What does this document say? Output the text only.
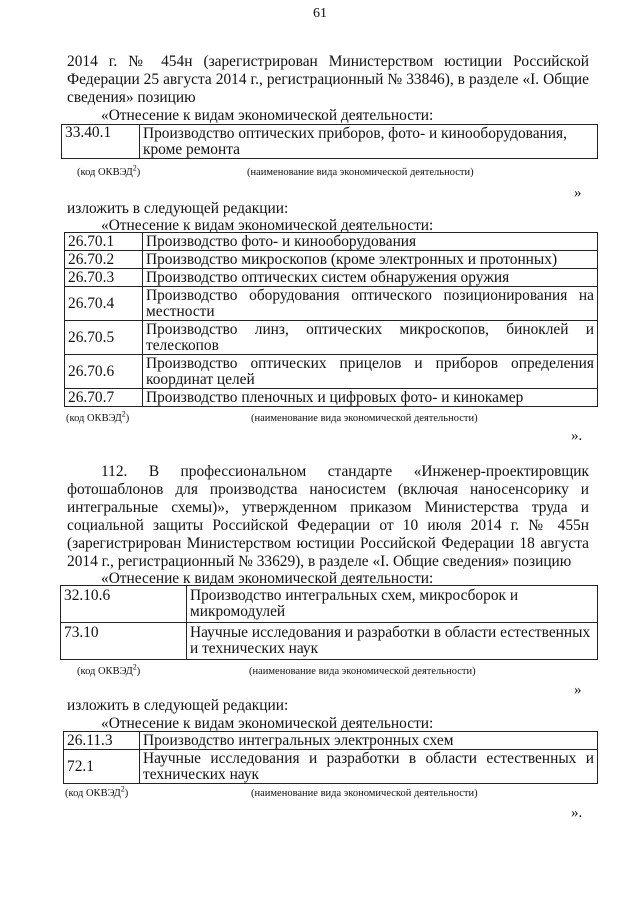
61
2014 г. № 454н (зарегистрирован Министерством юстиции Российской
Федерации 25 августа 2014 г., регистрационный № 33846), в разделе «I. Общие
сведения» позицию
«Отнесение к видам экономической деятельности:
33.40.1	Производство оптических приборов, фото- и кинооборудования, кроме ремонта
(код ОКВЭД$^2$)	(наименование вида экономической деятельности)
»
изложить в следующей редакции:
«Отнесение к видам экономической деятельности:
26.70.1	Производство фото- и кинооборудования
26.70.2	Производство микроскопов (кроме электронных и протонных)
26.70.3	Производство оптических систем обнаружения оружия
26.70.4	Производство оборудования оптического позиционирования на местности
26.70.5	Производство линз, оптических микроскопов, биноклей и телескопов
26.70.6	Производство оптических прицелов и приборов определения координат целей
26.70.7	Производство пленочных и цифровых фото- и кинокамер
(код ОКВЭД$^2$)	(наименование вида экономической деятельности)
».
112. В профессиональном стандарте «Инженер-проектировщик
фотошаблонов для производства наносистем (включая наносенсорику и
интегральные схемы)», утвержденном приказом Министерства труда и
социальной защиты Российской Федерации от 10 июля 2014 г. № 455н
(зарегистрирован Министерством юстиции Российской Федерации 18 августа
2014 г., регистрационный № 33629), в разделе «I. Общие сведения» позицию
«Отнесение к видам экономической деятельности:
32.10.6	Производство интегральных схем, микросборок и микромодулей
73.10	Научные исследования и разработки в области естественных и технических наук
(код ОКВЭД$^2$)	(наименование вида экономической деятельности)
»
изложить в следующей редакции:
«Отнесение к видам экономической деятельности:
26.11.3	Производство интегральных электронных схем
72.1	Научные исследования и разработки в области естественных и технических наук
(код ОКВЭД$^2$)	(наименование вида экономической деятельности)
».
